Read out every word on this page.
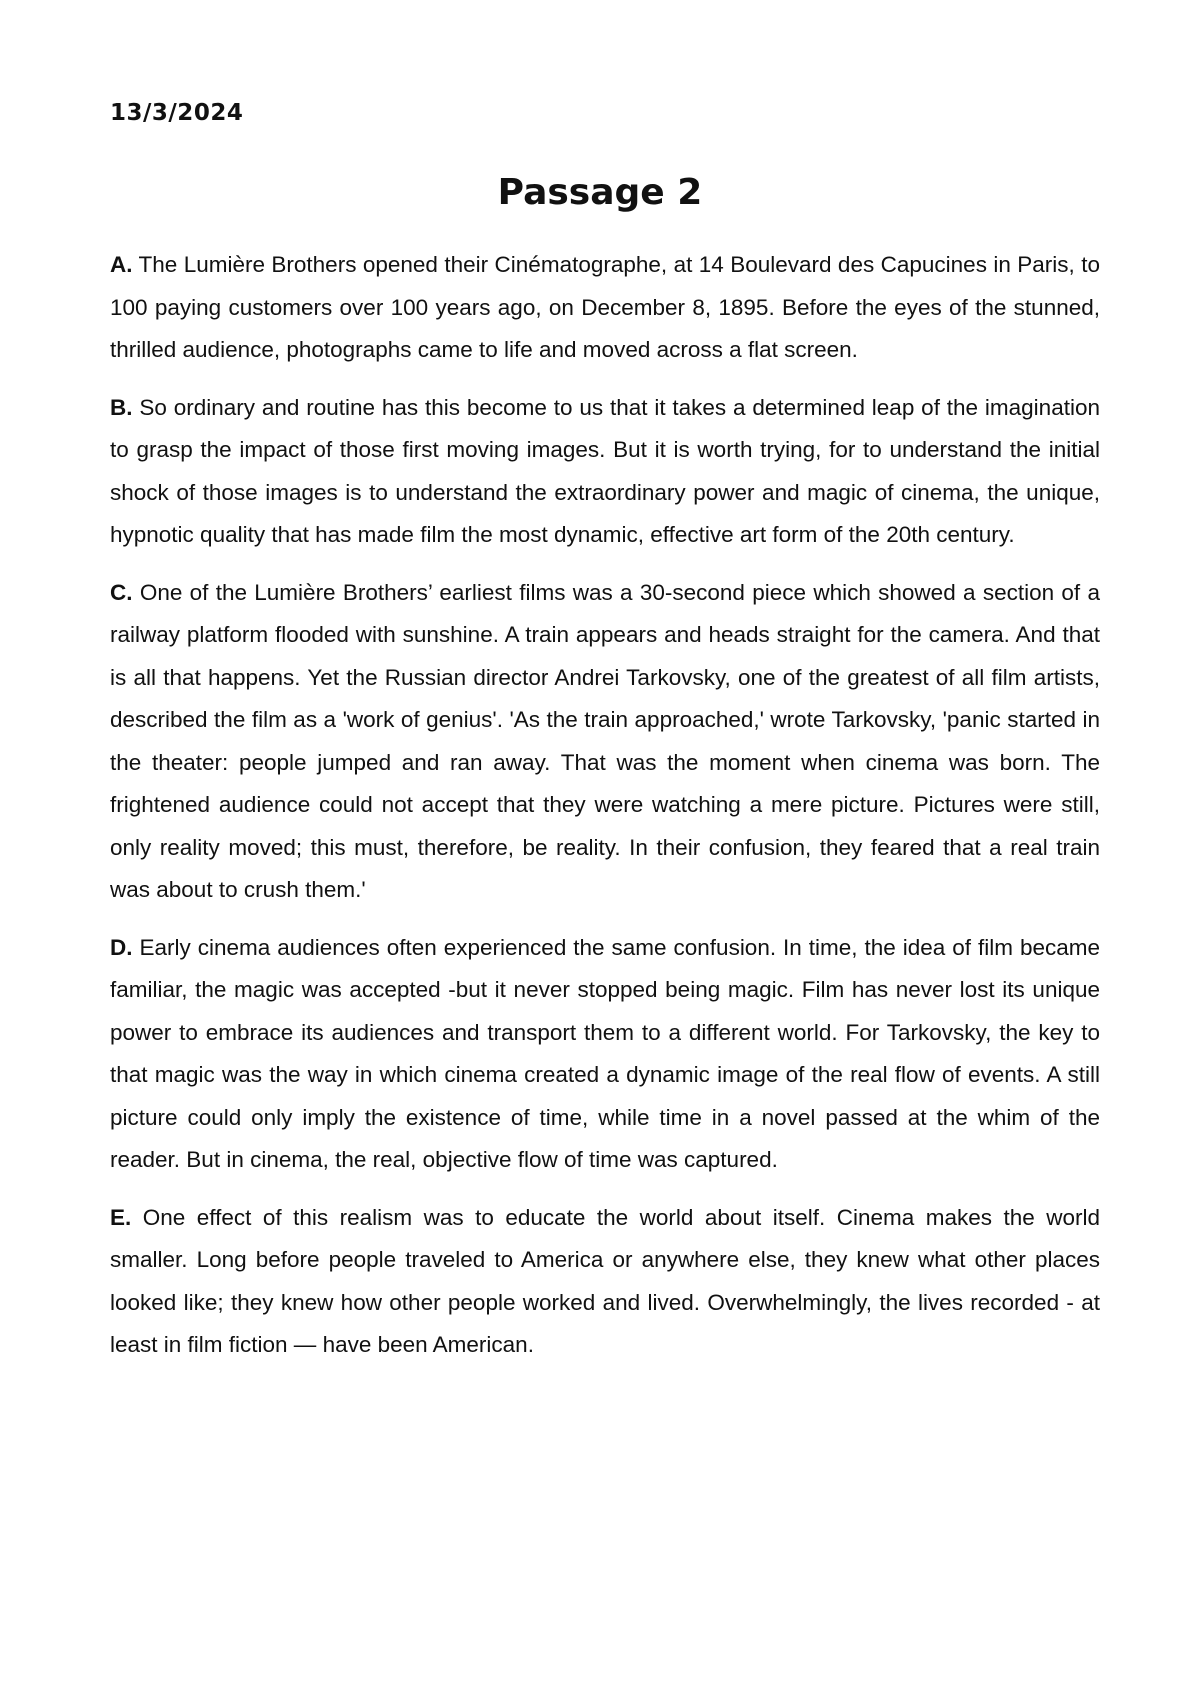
13/3/2024
Passage 2

A. The Lumière Brothers opened their Cinématographe, at 14 Boulevard des Capucines in Paris, to 100 paying customers over 100 years ago, on December 8, 1895. Before the eyes of the stunned, thrilled audience, photographs came to life and moved across a flat screen.

B. So ordinary and routine has this become to us that it takes a determined leap of the imagination to grasp the impact of those first moving images. But it is worth trying, for to understand the initial shock of those images is to understand the extraordinary power and magic of cinema, the unique, hypnotic quality that has made film the most dynamic, effective art form of the 20th century.

C. One of the Lumière Brothers’ earliest films was a 30-second piece which showed a section of a railway platform flooded with sunshine. A train appears and heads straight for the camera. And that is all that happens. Yet the Russian director Andrei Tarkovsky, one of the greatest of all film artists, described the film as a 'work of genius'. 'As the train approached,' wrote Tarkovsky, 'panic started in the theater: people jumped and ran away. That was the moment when cinema was born. The frightened audience could not accept that they were watching a mere picture. Pictures were still, only reality moved; this must, therefore, be reality. In their confusion, they feared that a real train was about to crush them.'

D. Early cinema audiences often experienced the same confusion. In time, the idea of film became familiar, the magic was accepted -but it never stopped being magic. Film has never lost its unique power to embrace its audiences and transport them to a different world. For Tarkovsky, the key to that magic was the way in which cinema created a dynamic image of the real flow of events. A still picture could only imply the existence of time, while time in a novel passed at the whim of the reader. But in cinema, the real, objective flow of time was captured.

E. One effect of this realism was to educate the world about itself. Cinema makes the world smaller. Long before people traveled to America or anywhere else, they knew what other places looked like; they knew how other people worked and lived. Overwhelmingly, the lives recorded - at least in film fiction — have been American.
